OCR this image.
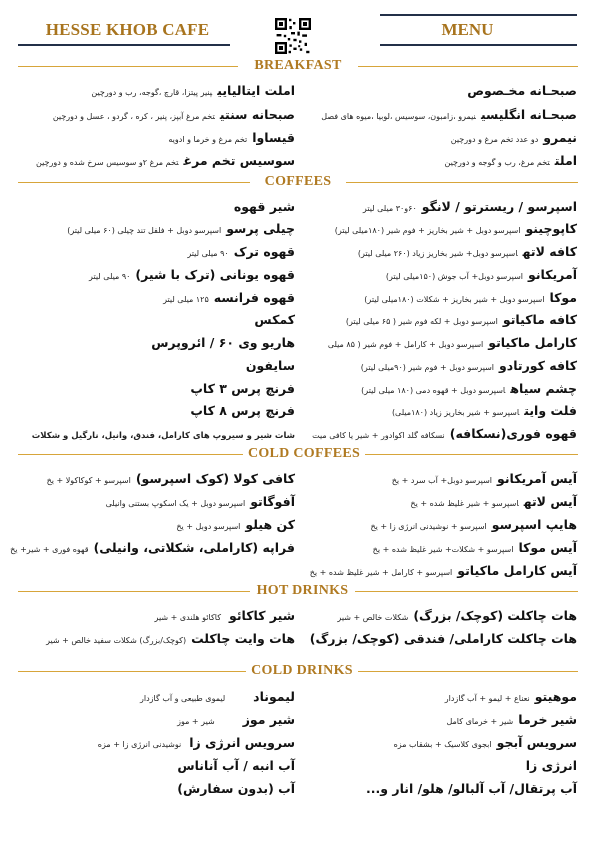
HESSE KHOB CAFE	MENU
BREAKFAST
COFFEES
COLD COFFEES
HOT DRINKS
COLD DRINKS
صبحـانه مخـصوص
صبحـانه انگلیسینیمرو ،زامبون، سوسیس ،لوبیا ،میوه های فصل
نیمرودو عدد تخم مرغ و دورچین
املتتخم مرغ، رب و گوجه و دورچین
املت ایتالیاییپنیر پیتزا، قارچ ،گوجه، رب و دورچین
صبحانه سنتیتخم مرغ آبپز، پنیر ، کره ، گردو ، عسل و دورچین
قیساواتخم مرغ و خرما و ادویه
سوسیس تخم مرغتخم مرغ ۲و سوسیس سرخ شده و دورچین
اسپرسو / ریسترتو / لانگو۶۰و۳۰ میلی لیتر
کاپوچینواسپرسو دوبل + شیر بخاریز + فوم شیر (۱۸۰میلی لیتر)
کافه لاتهاسپرسو دوبل+ شیر بخاریز زیاد (۲۶۰ میلی لیتر)
آمریکانواسپرسو دوبل+ آب جوش (۱۵۰میلی لیتر)
موکااسپرسو دوبل + شیر بخاریز + شکلات (۱۸۰میلی لیتر)
کافه ماکیاتواسپرسو دوبل + لکه فوم شیر ( ۶۵ میلی لیتر)
کارامل ماکیاتواسپرسو دوبل + کارامل + فوم شیر ( ۸۵ میلی
کافه کورتادواسپرسو دوبل + فوم شیر (۹۰میلی لیتر)
چشم سیاهاسپرسو دوبل + قهوه دمی (۱۸۰ میلی لیتر)
فلت وایتاسپرسو + شیر بخاریز زیاد (۱۸۰میلی)
قهوه فوری(نسکافه)نسکافه گلد اکوادور + شیر یا کافی میت
شیر قهوه
چیلی پرسواسپرسو دوبل + فلفل تند چیلی (۶۰ میلی لیتر)
قهوه ترک۹۰ میلی لیتر
قهوه یونانی (ترک با شیر)۹۰ میلی لیتر
قهوه فرانسه۱۲۵ میلی لیتر
کمکس
هاریو وی ۶۰ / ائروپرس
سایفون
فرنچ پرس ۳ کاپ
فرنچ پرس ۸ کاپ
شات شیر و سیروپ های کارامل، فندق، وانیل، نارگیل و شکلات
آیس آمریکانواسپرسو دوبل+ آب سرد + یخ
آیس لاتهاسپرسو + شیر غلیظ شده + یخ
هایپ اسپرسواسپرسو + نوشیدنی انرژی زا + یخ
آیس موکااسپرسو + شکلات+ شیر غلیظ شده + یخ
آیس کارامل ماکیاتواسپرسو + کارامل + شیر غلیظ شده + یخ
کافی کولا (کوک اسپرسو)اسپرسو + کوکاکولا + یخ
آفوگاتواسپرسو دوبل + یک اسکوپ بستنی وانیلی
کن هیلواسپرسو دوبل + یخ
فراپه (کاراملی، شکلاتی، وانیلی)قهوه فوری + شیر+ یخ
هات چاکلت (کوچک/ بزرگ)شکلات خالص + شیر
هات چاکلت کاراملی/ فندقی (کوچک/ بزرگ)
شیر کاکائوکاکائو هلندی + شیر
هات وایت چاکلت(کوچک/بزرگ) شکلات سفید خالص + شیر
موهیتونعناع + لیمو + آب گازدار
شیر خرماشیر + خرمای کامل
سرویس آبجوابجوی کلاسیک + بشقاب مزه
انرژی زا
آب پرتقال/ آب آلبالو/ هلو/ انار و...
لیمونادلیموی طبیعی و آب گازدار
شیر موزشیر + موز
سرویس انرژی زانوشیدنی انرژی زا + مزه
آب انبه / آب آناناس
آب (بدون سفارش)
